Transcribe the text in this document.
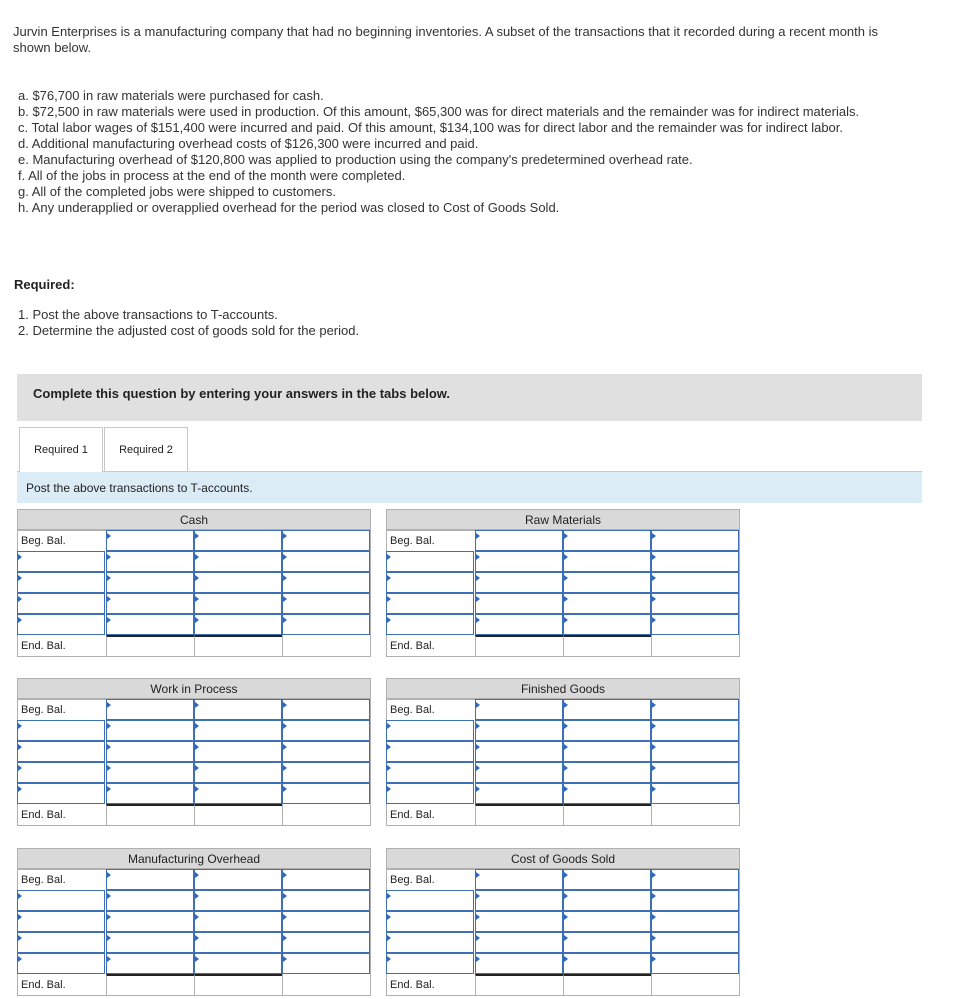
Jurvin Enterprises is a manufacturing company that had no beginning inventories. A subset of the transactions that it recorded during a recent month is shown below.
a. $76,700 in raw materials were purchased for cash.
b. $72,500 in raw materials were used in production. Of this amount, $65,300 was for direct materials and the remainder was for indirect materials.
c. Total labor wages of $151,400 were incurred and paid. Of this amount, $134,100 was for direct labor and the remainder was for indirect labor.
d. Additional manufacturing overhead costs of $126,300 were incurred and paid.
e. Manufacturing overhead of $120,800 was applied to production using the company's predetermined overhead rate.
f. All of the jobs in process at the end of the month were completed.
g. All of the completed jobs were shipped to customers.
h. Any underapplied or overapplied overhead for the period was closed to Cost of Goods Sold.
Required:
1. Post the above transactions to T-accounts.
2. Determine the adjusted cost of goods sold for the period.
Complete this question by entering your answers in the tabs below.
Required 1	Required 2
Post the above transactions to T-accounts.
Cash
Beg. Bal.
End. Bal.
Raw Materials
Beg. Bal.
End. Bal.
Work in Process
Beg. Bal.
End. Bal.
Finished Goods
Beg. Bal.
End. Bal.
Manufacturing Overhead
Beg. Bal.
End. Bal.
Cost of Goods Sold
Beg. Bal.
End. Bal.
